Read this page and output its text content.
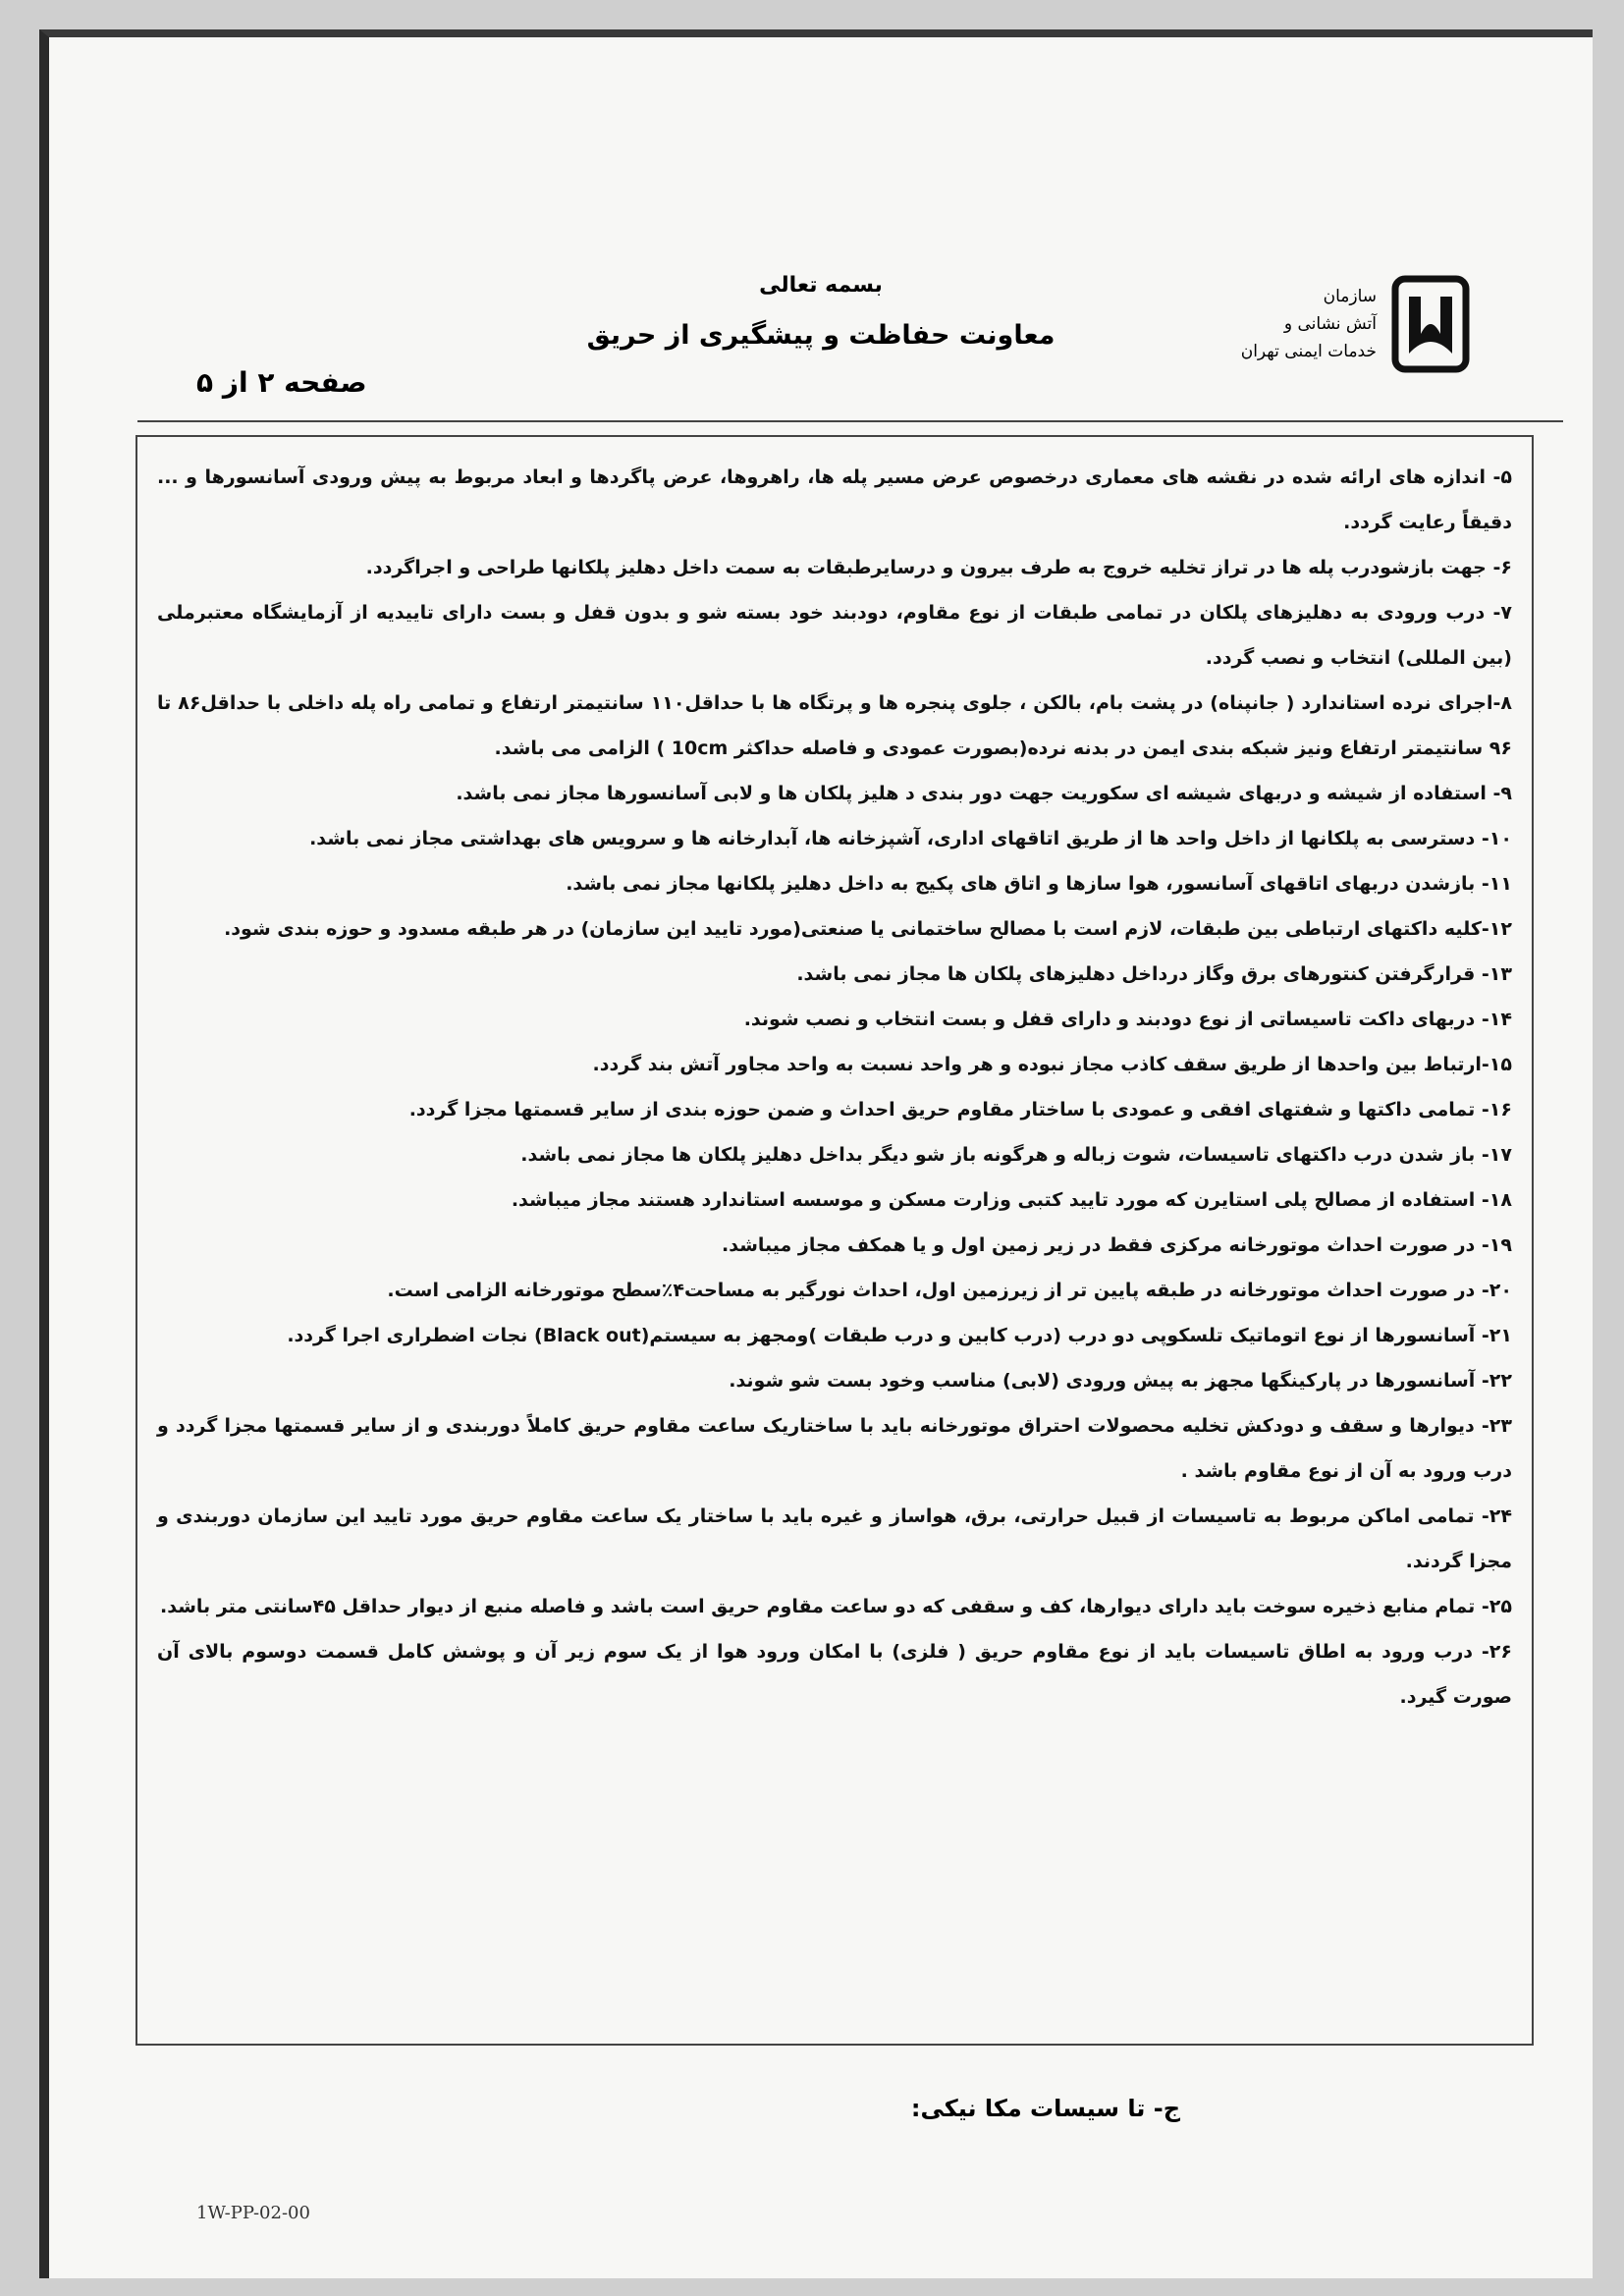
بسمه تعالی
معاونت حفاظت و پیشگیری از حریق
صفحه ۲ از ۵
سازمان
آتش نشانی و
خدمات ایمنی تهران

۵- اندازه های ارائه شده در نقشه های معماری درخصوص عرض مسیر پله ها، راهروها، عرض پاگردها و ابعاد مربوط به پیش ورودی آسانسورها و ... دقیقاً رعایت گردد.

۶- جهت بازشودرب پله ها در تراز تخلیه خروج به طرف بیرون و درسایرطبقات به سمت داخل دهلیز پلکانها طراحی و اجراگردد.

۷- درب ورودی به دهلیزهای پلکان در تمامی طبقات از نوع مقاوم، دودبند خود بسته شو و بدون قفل و بست دارای تاییدیه از آزمایشگاه معتبرملی (بین المللی) انتخاب و نصب گردد.

۸-اجرای نرده استاندارد ( جانپناه) در پشت بام، بالکن ، جلوی پنجره ها و پرتگاه ها با حداقل۱۱۰ سانتیمتر ارتفاع و تمامی راه پله داخلی با حداقل۸۶ تا ۹۶ سانتیمتر ارتفاع ونیز شبکه بندی ایمن در بدنه نرده(بصورت عمودی و فاصله حداکثر 10cm ) الزامی می باشد.

۹- استفاده از شیشه و دربهای شیشه ای سکوریت جهت دور بندی د هلیز پلکان ها و لابی آسانسورها مجاز نمی باشد.

۱۰- دسترسی به پلکانها از داخل واحد ها از طریق اتاقهای اداری، آشپزخانه ها، آبدارخانه ها و سرویس های بهداشتی مجاز نمی باشد.

۱۱- بازشدن دربهای اتاقهای آسانسور، هوا سازها و اتاق های پکیج به داخل دهلیز پلکانها مجاز نمی باشد.

۱۲-کلیه داکتهای ارتباطی بین طبقات، لازم است با مصالح ساختمانی یا صنعتی(مورد تایید این سازمان) در هر طبقه مسدود و حوزه بندی شود.

۱۳- قرارگرفتن کنتورهای برق وگاز درداخل دهلیزهای پلکان ها مجاز نمی باشد.

۱۴- دربهای داکت تاسیساتی از نوع دودبند و دارای قفل و بست انتخاب و نصب شوند.

۱۵-ارتباط بین واحدها از طریق سقف کاذب مجاز نبوده و هر واحد نسبت به واحد مجاور آتش بند گردد.

۱۶- تمامی داکتها و شفتهای افقی و عمودی با ساختار مقاوم حریق احداث و ضمن حوزه بندی از سایر قسمتها مجزا گردد.

۱۷- باز شدن درب داکتهای تاسیسات، شوت زباله و هرگونه باز شو دیگر بداخل دهلیز پلکان ها مجاز نمی باشد.

۱۸- استفاده از مصالح پلی استایرن که مورد تایید کتبی وزارت مسکن و موسسه استاندارد هستند مجاز میباشد.

۱۹- در صورت احداث موتورخانه مرکزی فقط در زیر زمین اول و یا همکف مجاز میباشد.

۲۰- در صورت احداث موتورخانه در طبقه پایین تر از زیرزمین اول، احداث نورگیر به مساحت۴٪سطح موتورخانه الزامی است.

۲۱- آسانسورها از نوع اتوماتیک تلسکوپی دو درب (درب کابین و درب طبقات )ومجهز به سیستم(Black out) نجات اضطراری اجرا گردد.

۲۲- آسانسورها در پارکینگها مجهز به پیش ورودی (لابی) مناسب وخود بست شو شوند.

۲۳- دیوارها و سقف و دودکش تخلیه محصولات احتراق موتورخانه باید با ساختاریک ساعت مقاوم حریق کاملاً دوربندی و از سایر قسمتها مجزا گردد و درب ورود به آن از نوع مقاوم باشد .

۲۴- تمامی اماکن مربوط به تاسیسات از قبیل حرارتی، برق، هواساز و غیره باید با ساختار یک ساعت مقاوم حریق مورد تایید این سازمان دوربندی و مجزا گردند.

۲۵- تمام منابع ذخیره سوخت باید دارای دیوارها، کف و سقفی که دو ساعت مقاوم حریق است باشد و فاصله منبع از دیوار حداقل ۴۵سانتی متر باشد.

۲۶- درب ورود به اطاق تاسیسات باید از نوع مقاوم حریق ( فلزی) با امکان ورود هوا از یک سوم زیر آن و پوشش کامل قسمت دوسوم بالای آن صورت گیرد.

ج- تا سیسات مکا نیکی:
1W-PP-02-00
